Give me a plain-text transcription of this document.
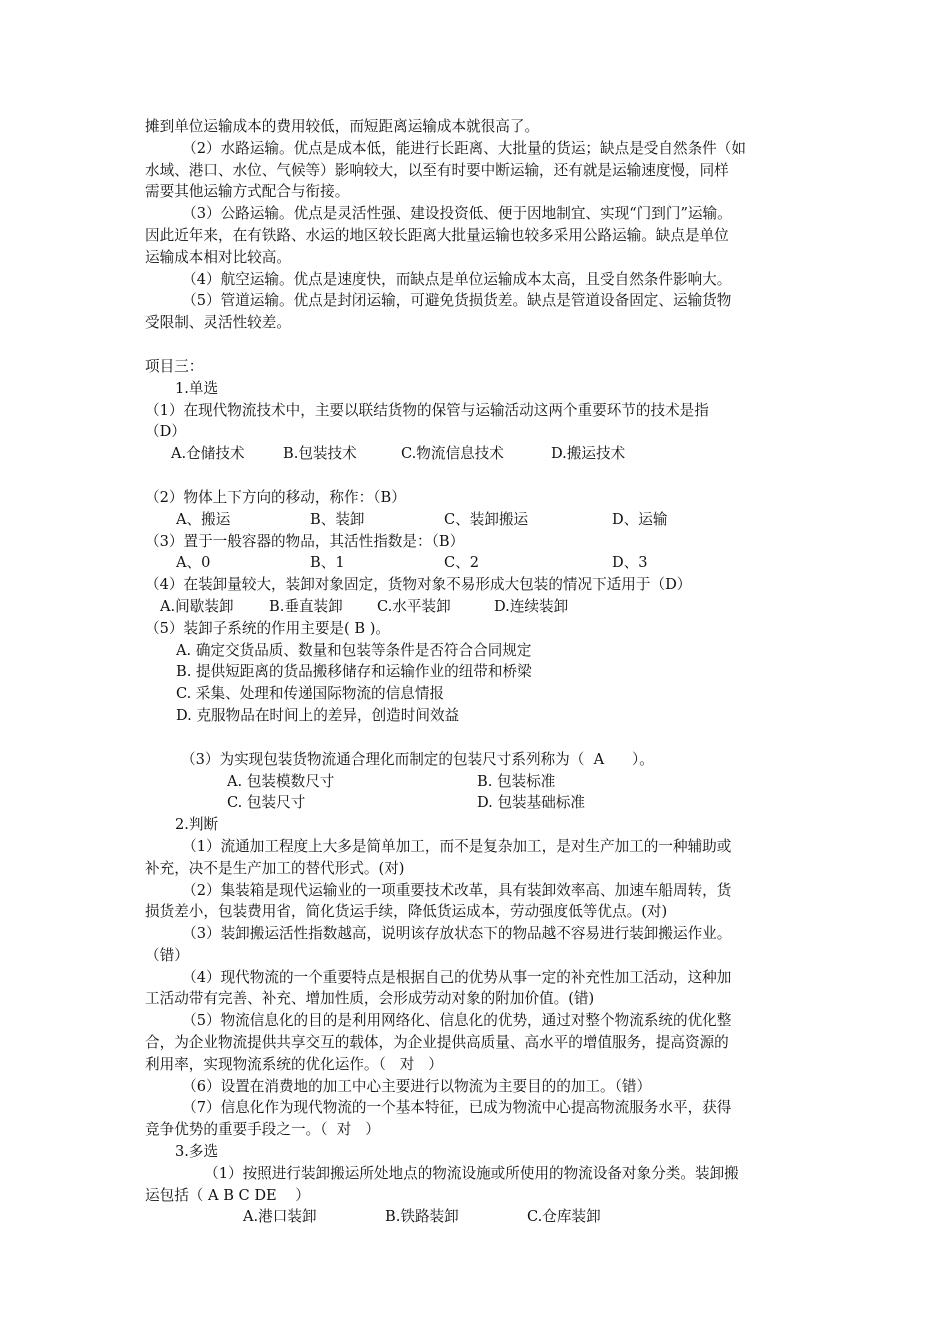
摊到单位运输成本的费用较低，而短距离运输成本就很高了。

（2）水路运输。优点是成本低，能进行长距离、大批量的货运；缺点是受自然条件（如

水域、港口、水位、气候等）影响较大，以至有时要中断运输，还有就是运输速度慢，同样

需要其他运输方式配合与衔接。

（3）公路运输。优点是灵活性强、建设投资低、便于因地制宜、实现“门到门”运输。

因此近年来，在有铁路、水运的地区较长距离大批量运输也较多采用公路运输。缺点是单位

运输成本相对比较高。

（4）航空运输。优点是速度快，而缺点是单位运输成本太高，且受自然条件影响大。

（5）管道运输。优点是封闭运输，可避免货损货差。缺点是管道设备固定、运输货物

受限制、灵活性较差。

项目三：

1.单选

（1）在现代物流技术中，主要以联结货物的保管与运输活动这两个重要环节的技术是指

（D）

A.仓储技术	B.包装技术	C.物流信息技术	D.搬运技术

（2）物体上下方向的移动，称作：（B）

A、搬运	B、装卸	C、装卸搬运	D、运输

（3）置于一般容器的物品，其活性指数是：（B）

A、0	B、1	C、2	D、3

（4）在装卸量较大，装卸对象固定，货物对象不易形成大包装的情况下适用于（D）

A.间歇装卸	B.垂直装卸	C.水平装卸	D.连续装卸

（5）装卸子系统的作用主要是( B )。

A. 确定交货品质、数量和包装等条件是否符合合同规定

B. 提供短距离的货品搬移储存和运输作业的纽带和桥梁

C. 采集、处理和传递国际物流的信息情报

D. 克服物品在时间上的差异，创造时间效益

（3）为实现包装货物流通合理化而制定的包装尺寸系列称为（  A      ）。

A. 包装模数尺寸	B. 包装标准
C. 包装尺寸	D. 包装基础标准

2.判断

（1）流通加工程度上大多是简单加工，而不是复杂加工，是对生产加工的一种辅助或

补充，决不是生产加工的替代形式。(对)

（2）集装箱是现代运输业的一项重要技术改革，具有装卸效率高、加速车船周转，货

损货差小，包装费用省，简化货运手续，降低货运成本，劳动强度低等优点。(对)

（3）装卸搬运活性指数越高，说明该存放状态下的物品越不容易进行装卸搬运作业。

（错）

（4）现代物流的一个重要特点是根据自己的优势从事一定的补充性加工活动，这种加

工活动带有完善、补充、增加性质，会形成劳动对象的附加价值。(错)

（5）物流信息化的目的是利用网络化、信息化的优势，通过对整个物流系统的优化整

合，为企业物流提供共享交互的载体，为企业提供高质量、高水平的增值服务，提高资源的

利用率，实现物流系统的优化运作。（   对   ）

（6）设置在消费地的加工中心主要进行以物流为主要目的的加工。（错）

（7）信息化作为现代物流的一个基本特征，已成为物流中心提高物流服务水平，获得

竞争优势的重要手段之一。（  对   ）

3.多选

（1）按照进行装卸搬运所处地点的物流设施或所使用的物流设备对象分类。装卸搬

运包括（ A B C DE    ）

A.港口装卸	B.铁路装卸	C.仓库装卸
